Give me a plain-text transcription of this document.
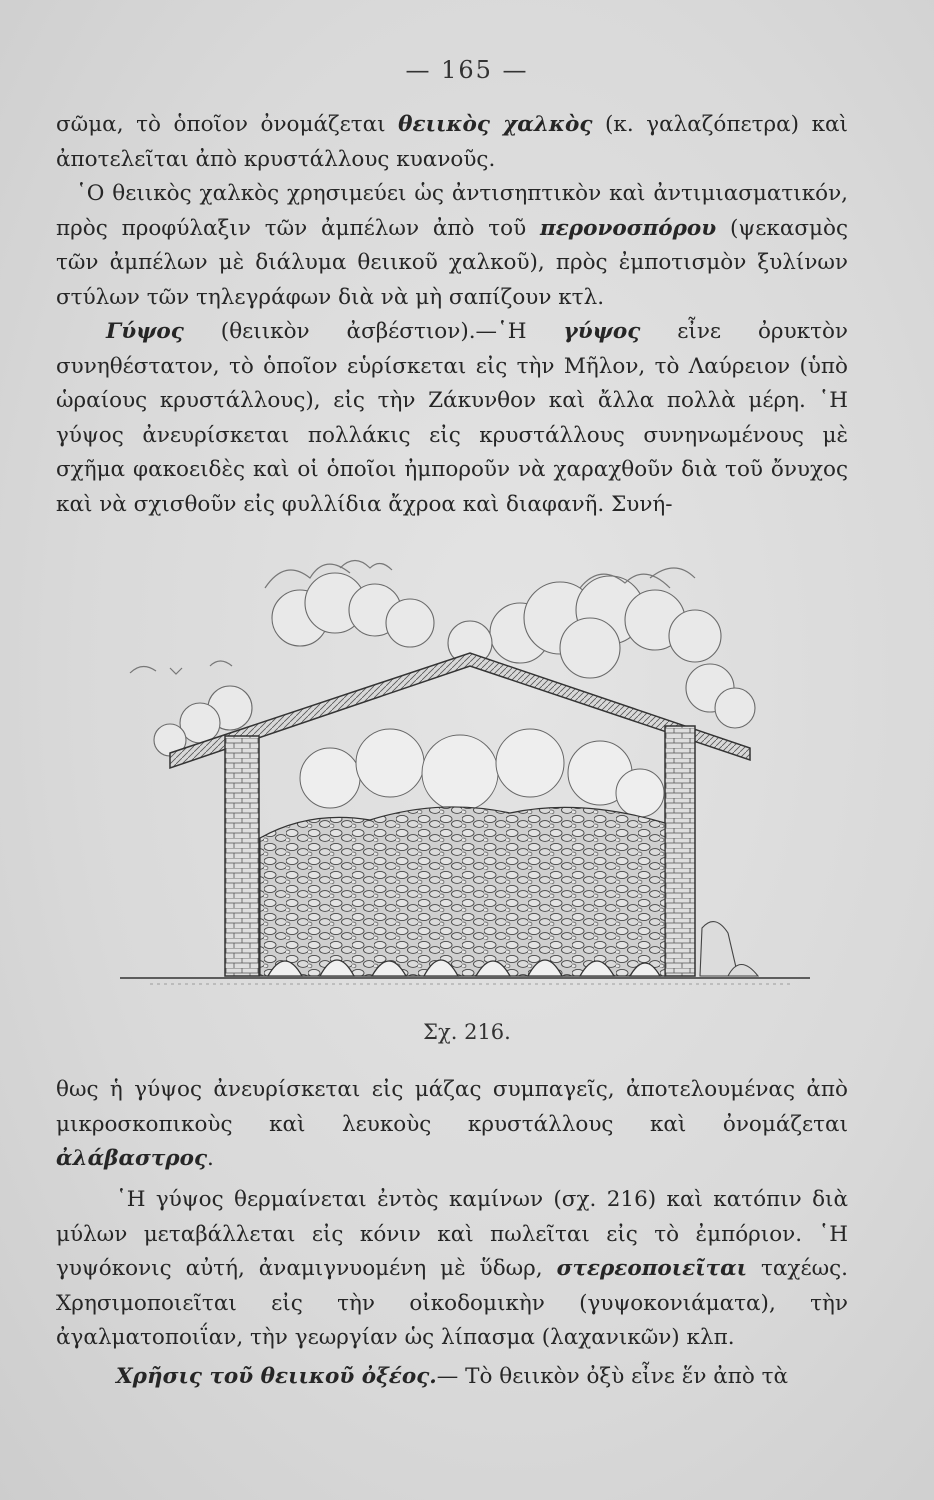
— 165 —

σῶμα, τὸ ὁποῖον ὀνομάζεται θειικὸς χαλκὸς (κ. γαλαζόπετρα) καὶ ἀποτελεῖται ἀπὸ κρυστάλλους κυανοῦς.

῾Ο θειικὸς χαλκὸς χρησιμεύει ὡς ἀντισηπτικὸν καὶ ἀντιμιασματικόν, πρὸς προφύλαξιν τῶν ἀμπέλων ἀπὸ τοῦ περονοσπόρου (ψεκασμὸς τῶν ἀμπέλων μὲ διάλυμα θειικοῦ χαλκοῦ), πρὸς ἐμποτισμὸν ξυλίνων στύλων τῶν τηλεγράφων διὰ νὰ μὴ σαπίζουν κτλ.

Γύψος (θειικὸν ἀσβέστιον).—῾Η γύψος εἶνε ὀρυκτὸν συνηθέστατον, τὸ ὁποῖον εὑρίσκεται εἰς τὴν Μῆλον, τὸ Λαύρειον (ὑπὸ ὡραίους κρυστάλλους), εἰς τὴν Ζάκυνθον καὶ ἄλλα πολλὰ μέρη. ῾Η γύψος ἀνευρίσκεται πολλάκις εἰς κρυστάλλους συνηνωμένους μὲ σχῆμα φακοειδὲς καὶ οἱ ὁποῖοι ἠμποροῦν νὰ χαραχθοῦν διὰ τοῦ ὄνυχος καὶ νὰ σχισθοῦν εἰς φυλλίδια ἄχροα καὶ διαφανῆ. Συνή-

Σχ. 216.

θως ἡ γύψος ἀνευρίσκεται εἰς μάζας συμπαγεῖς, ἀποτελουμένας ἀπὸ μικροσκοπικοὺς καὶ λευκοὺς κρυστάλλους καὶ ὀνομάζεται ἀλάβαστρος.

῾Η γύψος θερμαίνεται ἐντὸς καμίνων (σχ. 216) καὶ κατόπιν διὰ μύλων μεταβάλλεται εἰς κόνιν καὶ πωλεῖται εἰς τὸ ἐμπόριον. ῾Η γυψόκονις αὐτή, ἀναμιγνυομένη μὲ ὕδωρ, στερεοποιεῖται ταχέως. Χρησιμοποιεῖται εἰς τὴν οἰκοδομικὴν (γυψοκονιάματα), τὴν ἀγαλματοποιΐαν, τὴν γεωργίαν ὡς λίπασμα (λαχανικῶν) κλπ.

Χρῆσις τοῦ θειικοῦ ὀξέος.— Τὸ θειικὸν ὀξὺ εἶνε ἕν ἀπὸ τὰ
